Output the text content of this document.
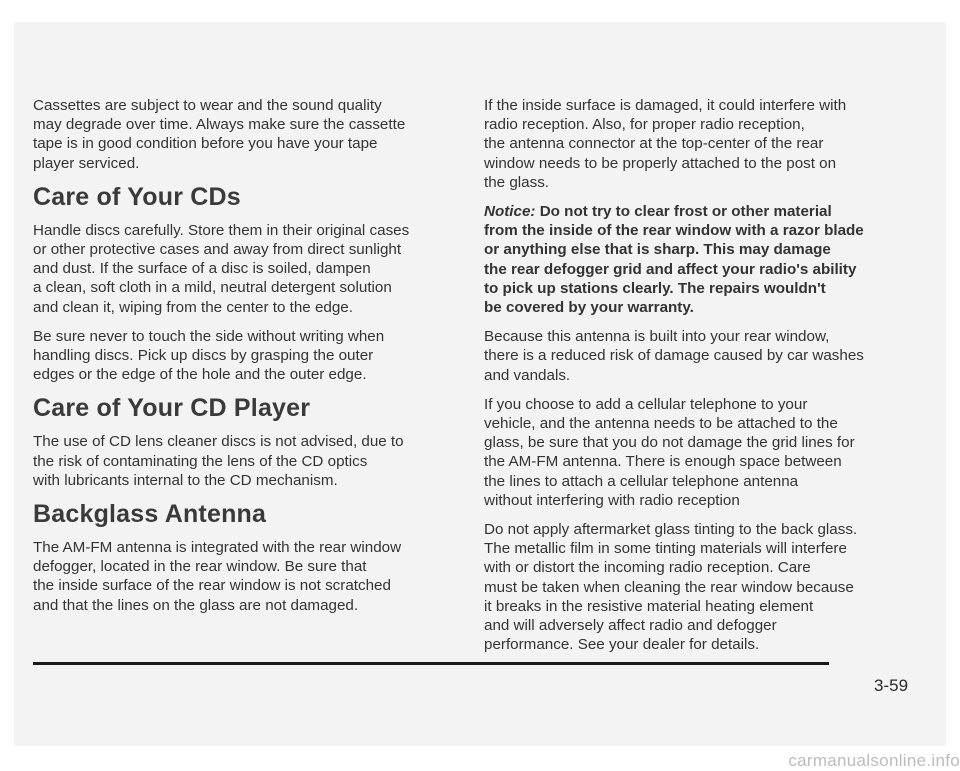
Cassettes are subject to wear and the sound quality
may degrade over time. Always make sure the cassette
tape is in good condition before you have your tape
player serviced.

Care of Your CDs

Handle discs carefully. Store them in their original cases
or other protective cases and away from direct sunlight
and dust. If the surface of a disc is soiled, dampen
a clean, soft cloth in a mild, neutral detergent solution
and clean it, wiping from the center to the edge.

Be sure never to touch the side without writing when
handling discs. Pick up discs by grasping the outer
edges or the edge of the hole and the outer edge.

Care of Your CD Player

The use of CD lens cleaner discs is not advised, due to
the risk of contaminating the lens of the CD optics
with lubricants internal to the CD mechanism.

Backglass Antenna

The AM-FM antenna is integrated with the rear window
defogger, located in the rear window. Be sure that
the inside surface of the rear window is not scratched
and that the lines on the glass are not damaged.

If the inside surface is damaged, it could interfere with
radio reception. Also, for proper radio reception,
the antenna connector at the top-center of the rear
window needs to be properly attached to the post on
the glass.

Notice: Do not try to clear frost or other material
from the inside of the rear window with a razor blade
or anything else that is sharp. This may damage
the rear defogger grid and affect your radio's ability
to pick up stations clearly. The repairs wouldn't
be covered by your warranty.

Because this antenna is built into your rear window,
there is a reduced risk of damage caused by car washes
and vandals.

If you choose to add a cellular telephone to your
vehicle, and the antenna needs to be attached to the
glass, be sure that you do not damage the grid lines for
the AM-FM antenna. There is enough space between
the lines to attach a cellular telephone antenna
without interfering with radio reception

Do not apply aftermarket glass tinting to the back glass.
The metallic film in some tinting materials will interfere
with or distort the incoming radio reception. Care
must be taken when cleaning the rear window because
it breaks in the resistive material heating element
and will adversely affect radio and defogger
performance. See your dealer for details.

3-59
carmanualsonline.info
